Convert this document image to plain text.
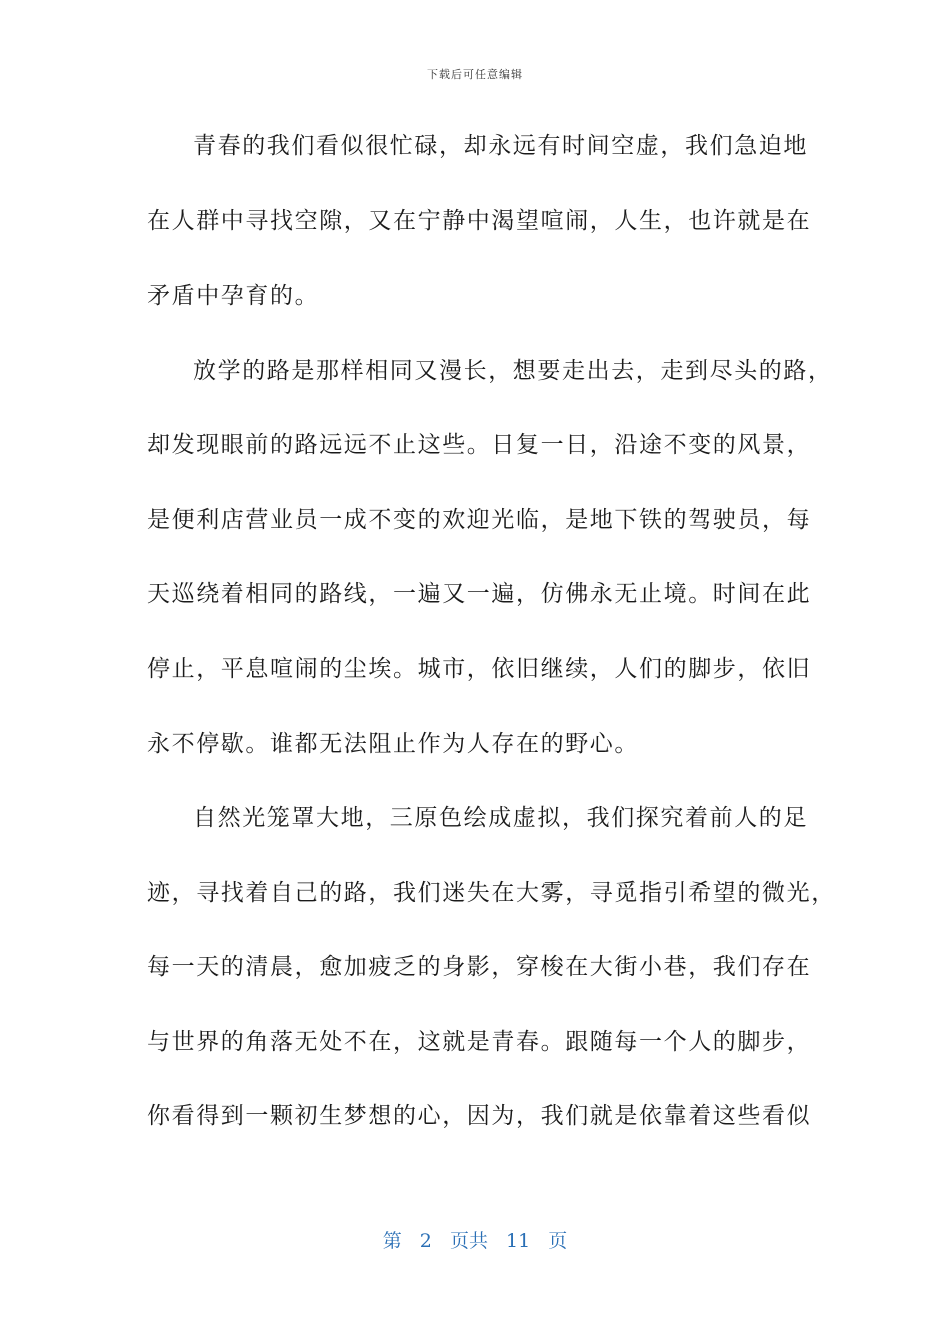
下载后可任意编辑
青春的我们看似很忙碌，却永远有时间空虚，我们急迫地
在人群中寻找空隙，又在宁静中渴望喧闹，人生，也许就是在
矛盾中孕育的。
放学的路是那样相同又漫长，想要走出去，走到尽头的路，
却发现眼前的路远远不止这些。日复一日，沿途不变的风景，
是便利店营业员一成不变的欢迎光临，是地下铁的驾驶员，每
天巡绕着相同的路线，一遍又一遍，仿佛永无止境。时间在此
停止，平息喧闹的尘埃。城市，依旧继续，人们的脚步，依旧
永不停歇。谁都无法阻止作为人存在的野心。
自然光笼罩大地，三原色绘成虚拟，我们探究着前人的足
迹，寻找着自己的路，我们迷失在大雾，寻觅指引希望的微光，
每一天的清晨，愈加疲乏的身影，穿梭在大街小巷，我们存在
与世界的角落无处不在，这就是青春。跟随每一个人的脚步，
你看得到一颗初生梦想的心，因为，我们就是依靠着这些看似
第 2 页共 11 页
